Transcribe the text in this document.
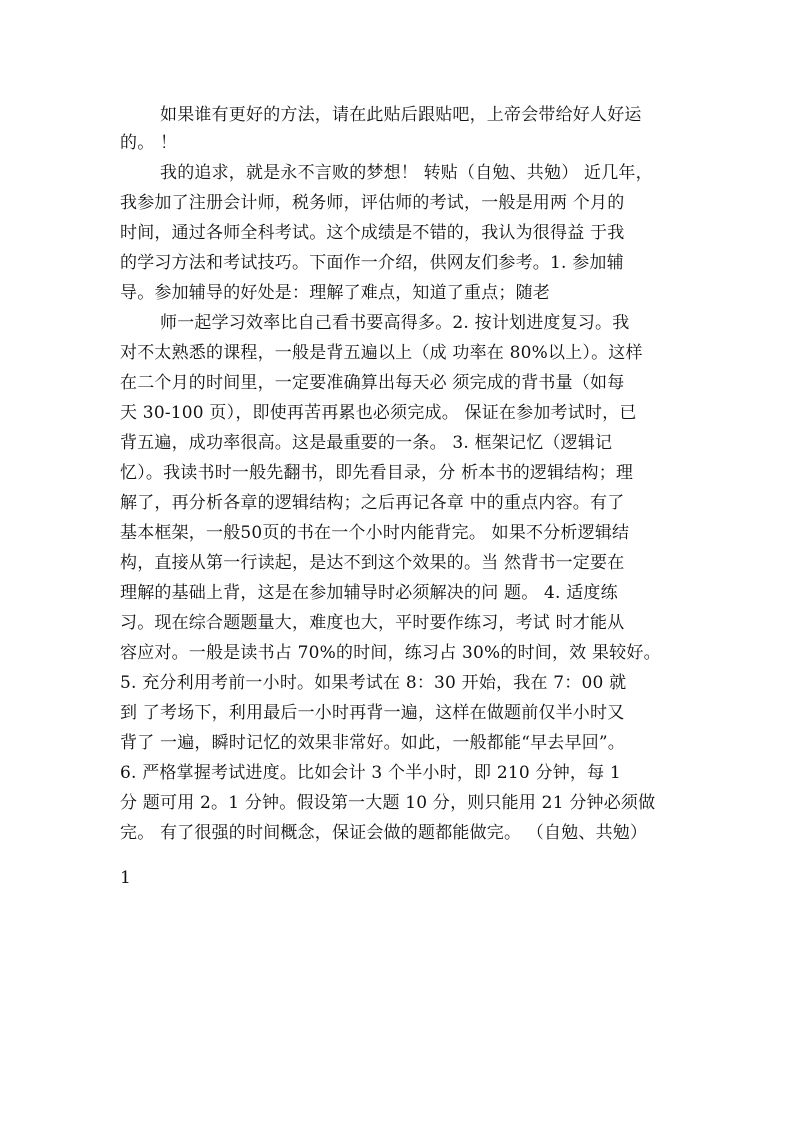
如果谁有更好的方法，请在此贴后跟贴吧，上帝会带给好人好运
的。 ！
我的追求，就是永不言败的梦想！ 转贴（自勉、共勉） 近几年，
我参加了注册会计师，税务师，评估师的考试，一般是用两 个月的
时间，通过各师全科考试。这个成绩是不错的，我认为很得益 于我
的学习方法和考试技巧。下面作一介绍，供网友们参考。1. 参加辅
导。参加辅导的好处是：理解了难点，知道了重点；随老
师一起学习效率比自己看书要高得多。2. 按计划进度复习。我
对不太熟悉的课程，一般是背五遍以上（成 功率在 80%以上）。这样
在二个月的时间里，一定要准确算出每天必 须完成的背书量（如每
天 30-100 页），即使再苦再累也必须完成。 保证在参加考试时，已
背五遍，成功率很高。这是最重要的一条。 3. 框架记忆（逻辑记
忆）。我读书时一般先翻书，即先看目录，分 析本书的逻辑结构；理
解了，再分析各章的逻辑结构；之后再记各章 中的重点内容。有了
基本框架，一般50页的书在一个小时内能背完。 如果不分析逻辑结
构，直接从第一行读起，是达不到这个效果的。当 然背书一定要在
理解的基础上背，这是在参加辅导时必须解决的问 题。 4. 适度练
习。现在综合题题量大，难度也大，平时要作练习，考试 时才能从
容应对。一般是读书占 70%的时间，练习占 30%的时间，效 果较好。
5. 充分利用考前一小时。如果考试在 8：30 开始，我在 7：00 就
到 了考场下，利用最后一小时再背一遍，这样在做题前仅半小时又
背了 一遍，瞬时记忆的效果非常好。如此，一般都能“早去早回”。
6. 严格掌握考试进度。比如会计 3 个半小时，即 210 分钟，每 1
分 题可用 2。1 分钟。假设第一大题 10 分，则只能用 21 分钟必须做
完。 有了很强的时间概念，保证会做的题都能做完。 （自勉、共勉）
1
